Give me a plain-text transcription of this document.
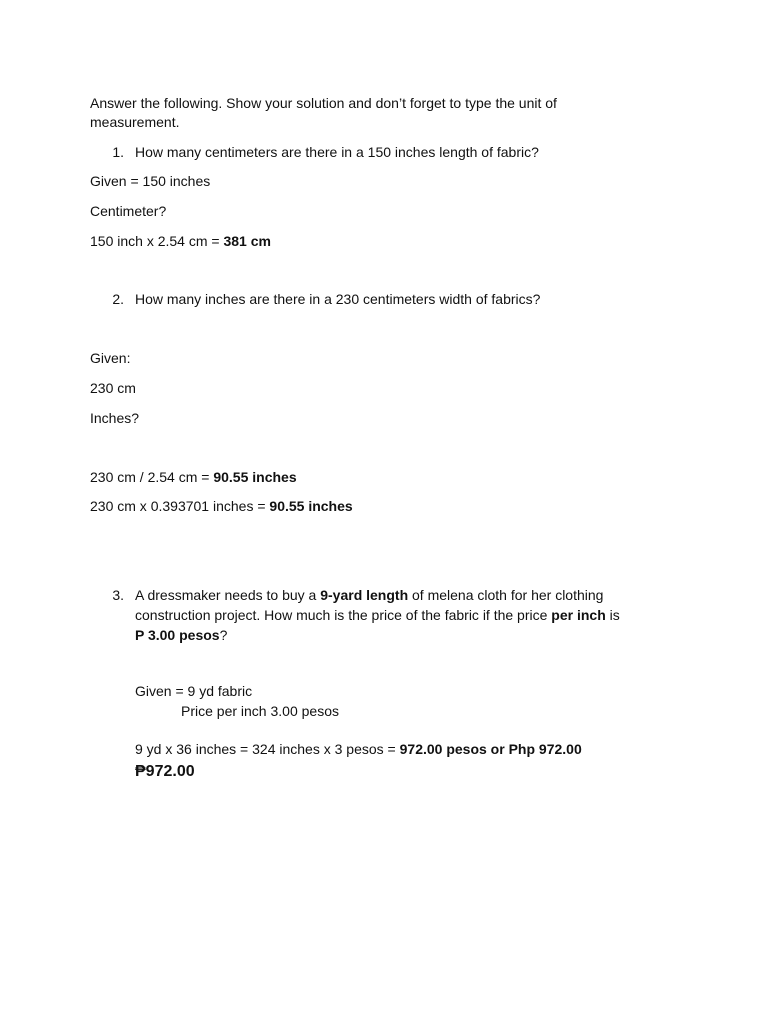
Answer the following. Show your solution and don’t forget to type the unit of
measurement.
1. How many centimeters are there in a 150 inches length of fabric?
Given = 150 inches
Centimeter?
150 inch x 2.54 cm = 381 cm
2. How many inches are there in a 230 centimeters width of fabrics?
Given:
230 cm
Inches?
230 cm / 2.54 cm = 90.55 inches
230 cm x 0.393701 inches = 90.55 inches
3. A dressmaker needs to buy a 9-yard length of melena cloth for her clothing
construction project. How much is the price of the fabric if the price per inch is
P 3.00 pesos?
Given = 9 yd fabric
Price per inch 3.00 pesos
9 yd x 36 inches = 324 inches x 3 pesos = 972.00 pesos or Php 972.00
₱972.00
